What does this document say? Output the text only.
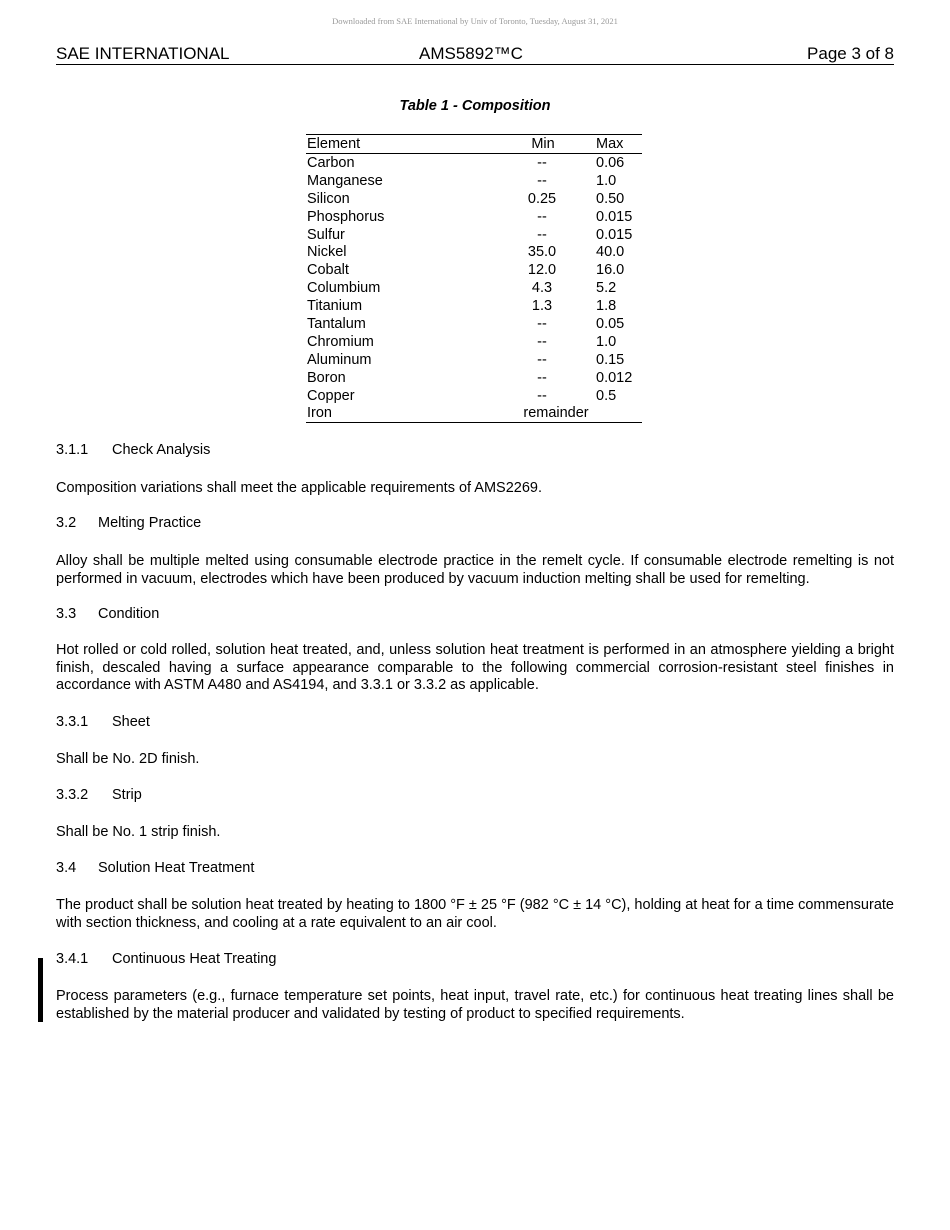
Downloaded from SAE International by Univ of Toronto, Tuesday, August 31, 2021
SAE INTERNATIONAL	AMS5892™C	Page 3 of 8
Table 1 - Composition
Element	Min	Max
Carbon	--	0.06
Manganese	--	1.0
Silicon	0.25	0.50
Phosphorus	--	0.015
Sulfur	--	0.015
Nickel	35.0	40.0
Cobalt	12.0	16.0
Columbium	4.3	5.2
Titanium	1.3	1.8
Tantalum	--	0.05
Chromium	--	1.0
Aluminum	--	0.15
Boron	--	0.012
Copper	--	0.5
Iron	remainder
3.1.1 Check Analysis
Composition variations shall meet the applicable requirements of AMS2269.
3.2 Melting Practice
Alloy shall be multiple melted using consumable electrode practice in the remelt cycle. If consumable electrode remelting is not performed in vacuum, electrodes which have been produced by vacuum induction melting shall be used for remelting.
3.3 Condition
Hot rolled or cold rolled, solution heat treated, and, unless solution heat treatment is performed in an atmosphere yielding a bright finish, descaled having a surface appearance comparable to the following commercial corrosion-resistant steel finishes in accordance with ASTM A480 and AS4194, and 3.3.1 or 3.3.2 as applicable.
3.3.1 Sheet
Shall be No. 2D finish.
3.3.2 Strip
Shall be No. 1 strip finish.
3.4 Solution Heat Treatment
The product shall be solution heat treated by heating to 1800 °F ± 25 °F (982 °C ± 14 °C), holding at heat for a time commensurate with section thickness, and cooling at a rate equivalent to an air cool.
3.4.1 Continuous Heat Treating
Process parameters (e.g., furnace temperature set points, heat input, travel rate, etc.) for continuous heat treating lines shall be established by the material producer and validated by testing of product to specified requirements.
